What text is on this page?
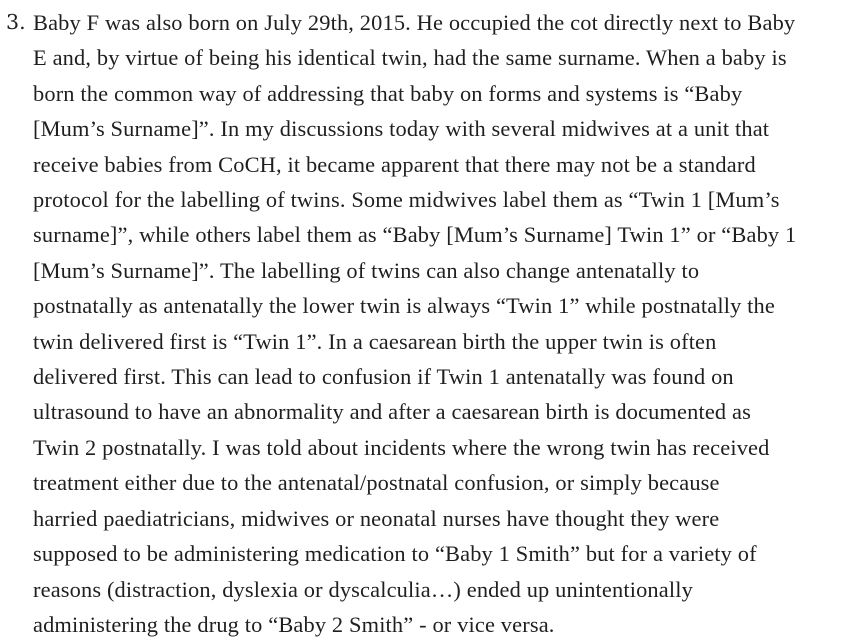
3. Baby F was also born on July 29th, 2015. He occupied the cot directly next to Baby
E and, by virtue of being his identical twin, had the same surname. When a baby is
born the common way of addressing that baby on forms and systems is “Baby
[Mum’s Surname]”. In my discussions today with several midwives at a unit that
receive babies from CoCH, it became apparent that there may not be a standard
protocol for the labelling of twins. Some midwives label them as “Twin 1 [Mum’s
surname]”, while others label them as “Baby [Mum’s Surname] Twin 1” or “Baby 1
[Mum’s Surname]”. The labelling of twins can also change antenatally to
postnatally as antenatally the lower twin is always “Twin 1” while postnatally the
twin delivered first is “Twin 1”. In a caesarean birth the upper twin is often
delivered first. This can lead to confusion if Twin 1 antenatally was found on
ultrasound to have an abnormality and after a caesarean birth is documented as
Twin 2 postnatally. I was told about incidents where the wrong twin has received
treatment either due to the antenatal/postnatal confusion, or simply because
harried paediatricians, midwives or neonatal nurses have thought they were
supposed to be administering medication to “Baby 1 Smith” but for a variety of
reasons (distraction, dyslexia or dyscalculia…) ended up unintentionally
administering the drug to “Baby 2 Smith” - or vice versa.
